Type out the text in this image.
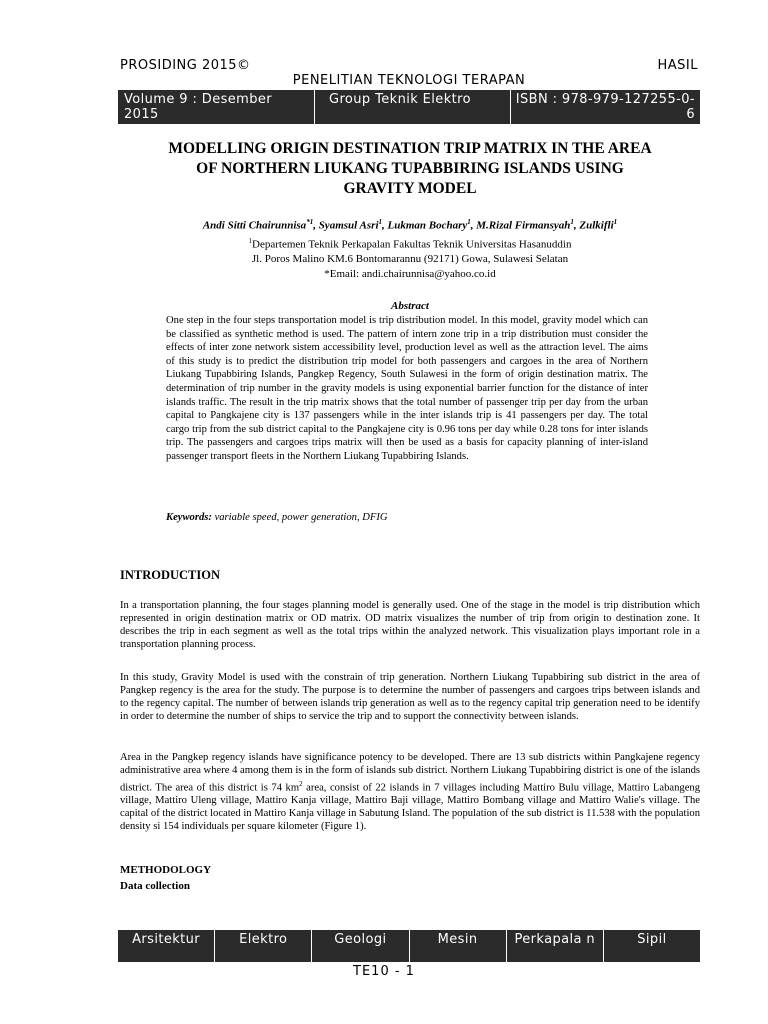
PROSIDING 2015©	HASIL
PENELITIAN TEKNOLOGI TERAPAN
Volume 9 : Desember 2015
Group Teknik Elektro	ISBN : 978-979-127255-0-6
MODELLING ORIGIN DESTINATION TRIP MATRIX IN THE AREA
OF NORTHERN LIUKANG TUPABBIRING ISLANDS USING
GRAVITY MODEL
Andi Sitti Chairunnisa$^{*1}$, Syamsul Asri$^1$, Lukman Bochary$^1$, M.Rizal Firmansyah$^1$, Zulkifli$^1$
$^1$Departemen Teknik Perkapalan Fakultas Teknik Universitas Hasanuddin
Jl. Poros Malino KM.6 Bontomarannu (92171) Gowa, Sulawesi Selatan
*Email: andi.chairunnisa@yahoo.co.id
Abstract
One step in the four steps transportation model is trip distribution model. In this model, gravity model which can be classified as synthetic method is used. The pattern of intern zone trip in a trip distribution must consider the effects of inter zone network sistem accessibility level, production level as well as the attraction level. The aims of this study is to predict the distribution trip model for both passengers and cargoes in the area of Northern Liukang Tupabbiring Islands, Pangkep Regency, South Sulawesi in the form of origin destination matrix. The determination of trip number in the gravity models is using exponential barrier function for the distance of inter islands traffic. The result in the trip matrix shows that the total number of passenger trip per day from the urban capital to Pangkajene city is 137 passengers while in the inter islands trip is 41 passengers per day. The total cargo trip from the sub district capital to the Pangkajene city is 0.96 tons per day while 0.28 tons for inter islands trip. The passengers and cargoes trips matrix will then be used as a basis for capacity planning of inter-island passenger transport fleets in the Northern Liukang Tupabbiring Islands.
Keywords: variable speed, power generation, DFIG
INTRODUCTION
In a transportation planning, the four stages planning model is generally used. One of the stage in the model is trip distribution which represented in origin destination matrix or OD matrix. OD matrix visualizes the number of trip from origin to destination zone. It describes the trip in each segment as well as the total trips within the analyzed network. This visualization plays important role in a transportation planning process.
In this study, Gravity Model is used with the constrain of trip generation. Northern Liukang Tupabbiring sub district in the area of Pangkep regency is the area for the study. The purpose is to determine the number of passengers and cargoes trips between islands and to the regency capital. The number of between islands trip generation as well as to the regency capital trip generation need to be identify in order to determine the number of ships to service the trip and to support the connectivity between islands.
Area in the Pangkep regency islands have significance potency to be developed. There are 13 sub districts within Pangkajene regency administrative area where 4 among them is in the form of islands sub district. Northern Liukang Tupabbiring district is one of the islands district. The area of this district is 74 $km^2$ area, consist of 22 islands in 7 villages including Mattiro Bulu village, Mattiro Labangeng village, Mattiro Uleng village, Mattiro Kanja village, Mattiro Baji village, Mattiro Bombang village and Mattiro Walie's village. The capital of the district located in Mattiro Kanja village in Sabutung Island. The population of the sub district is 11.538 with the population density si 154 individuals per square kilometer (Figure 1).
METHODOLOGY
Data collection
Arsitektur	Elektro	Geologi	Mesin	Perkapala n	Sipil
TE10 - 1
